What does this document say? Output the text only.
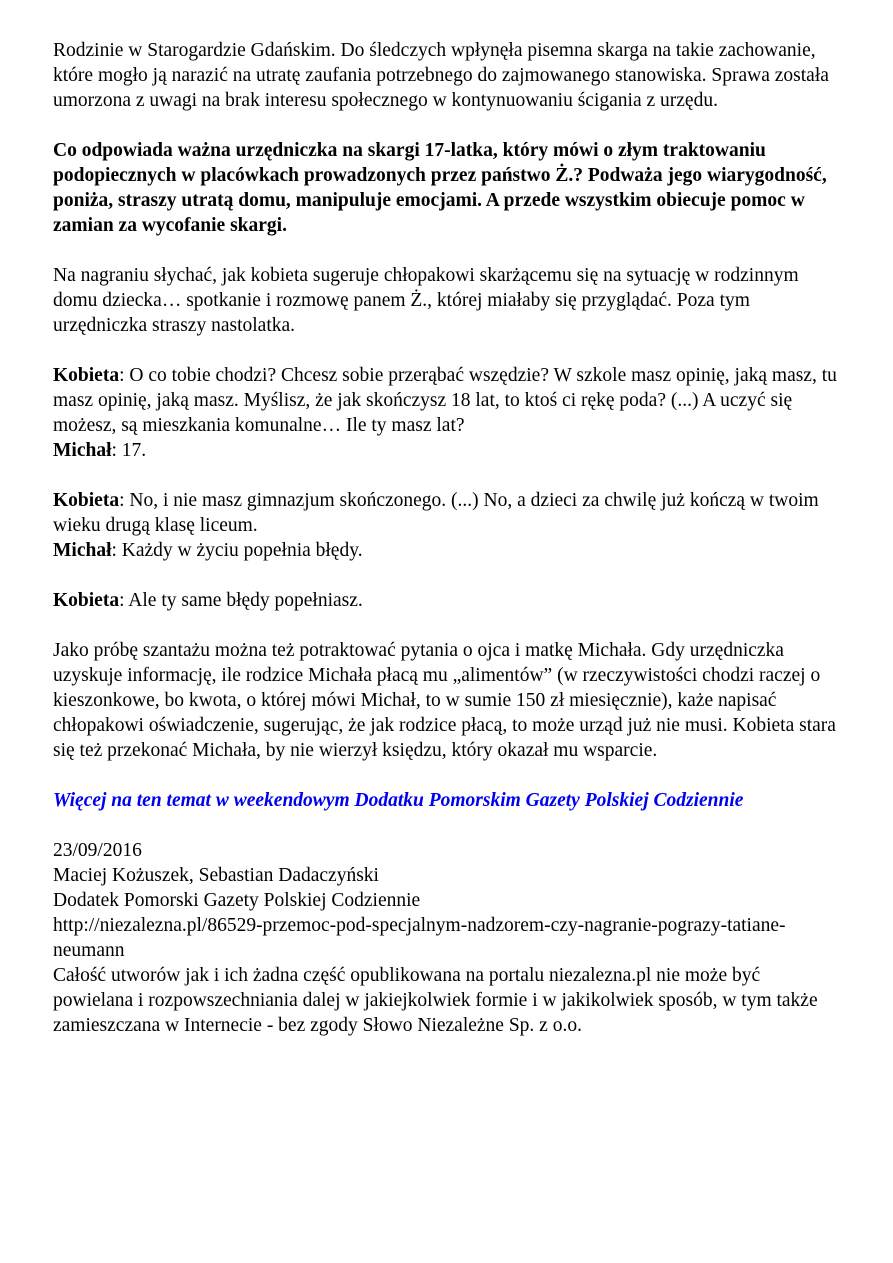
Rodzinie w Starogardzie Gdańskim. Do śledczych wpłynęła pisemna skarga na takie zachowanie, które mogło ją narazić na utratę zaufania potrzebnego do zajmowanego stanowiska. Sprawa została umorzona z uwagi na brak interesu społecznego w kontynuowaniu ścigania z urzędu.

Co odpowiada ważna urzędniczka na skargi 17-latka, który mówi o złym traktowaniu podopiecznych w placówkach prowadzonych przez państwo Ż.? Podważa jego wiarygodność, poniża, straszy utratą domu, manipuluje emocjami. A przede wszystkim obiecuje pomoc w zamian za wycofanie skargi.

Na nagraniu słychać, jak kobieta sugeruje chłopakowi skarżącemu się na sytuację w rodzinnym domu dziecka… spotkanie i rozmowę panem Ż., której miałaby się przyglądać. Poza tym urzędniczka straszy nastolatka.

Kobieta: O co tobie chodzi? Chcesz sobie przerąbać wszędzie? W szkole masz opinię, jaką masz, tu masz opinię, jaką masz. Myślisz, że jak skończysz 18 lat, to ktoś ci rękę poda? (...) A uczyć się możesz, są mieszkania komunalne… Ile ty masz lat?
Michał: 17.

Kobieta: No, i nie masz gimnazjum skończonego. (...) No, a dzieci za chwilę już kończą w twoim wieku drugą klasę liceum.
Michał: Każdy w życiu popełnia błędy.

Kobieta: Ale ty same błędy popełniasz.

Jako próbę szantażu można też potraktować pytania o ojca i matkę Michała. Gdy urzędniczka uzyskuje informację, ile rodzice Michała płacą mu „alimentów” (w rzeczywistości chodzi raczej o kieszonkowe, bo kwota, o której mówi Michał, to w sumie 150 zł miesięcznie), każe napisać chłopakowi oświadczenie, sugerując, że jak rodzice płacą, to może urząd już nie musi. Kobieta stara się też przekonać Michała, by nie wierzył księdzu, który okazał mu wsparcie.

Więcej na ten temat w weekendowym Dodatku Pomorskim Gazety Polskiej Codziennie

23/09/2016
Maciej Kożuszek, Sebastian Dadaczyński
Dodatek Pomorski Gazety Polskiej Codziennie
http://niezalezna.pl/86529-przemoc-pod-specjalnym-nadzorem-czy-nagranie-pograzy-tatiane-neumann
Całość utworów jak i ich żadna część opublikowana na portalu niezalezna.pl nie może być powielana i rozpowszechniania dalej w jakiejkolwiek formie i w jakikolwiek sposób, w tym także zamieszczana w Internecie - bez zgody Słowo Niezależne Sp. z o.o.
